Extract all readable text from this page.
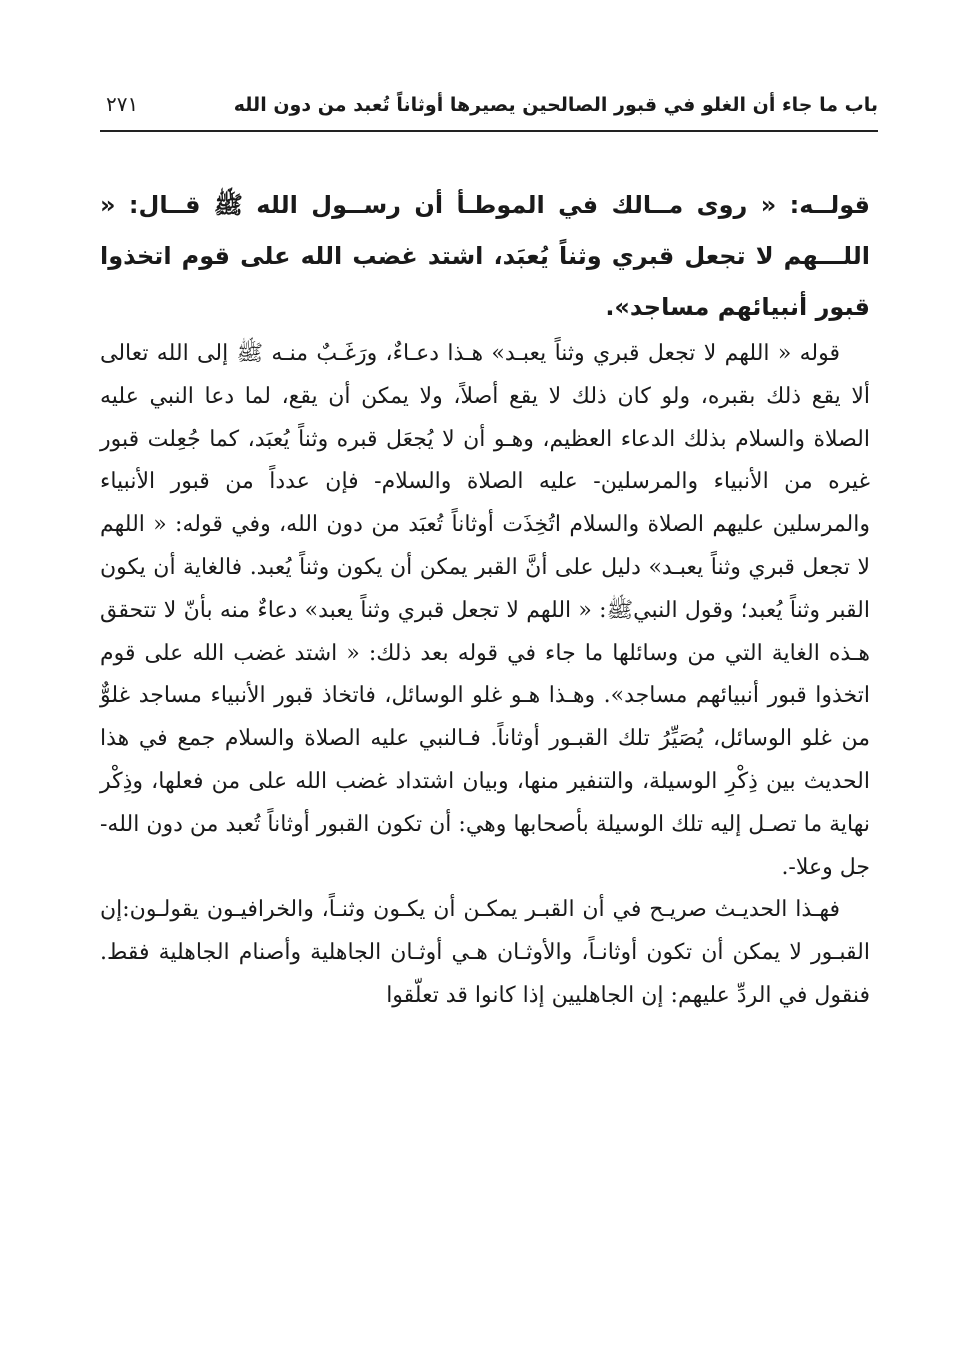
باب ما جاء أن الغلو في قبور الصالحين يصيرها أوثاناً تُعبد من دون الله
٢٧١

قولــه: « روى مــالك في الموطـأ أن رســول الله ﷺ قــال: « اللـــهم لا تجعل قبري وثناً يُعبَد، اشتد غضب الله على قوم اتخذوا قبور أنبيائهم مساجد».

قوله « اللهم لا تجعل قبري وثناً يعبـد» هـذا دعـاءٌ، ورَغَـبٌ منـه ﷺ إلى الله تعالى ألا يقع ذلك بقبره، ولو كان ذلك لا يقع أصلاً، ولا يمكن أن يقع، لما دعا النبي عليه الصلاة والسلام بذلك الدعاء العظيم، وهـو أن لا يُجعَل قبره وثناً يُعبَد، كما جُعِلت قبور غيره من الأنبياء والمرسلين- عليه الصلاة والسلام- فإن عدداً من قبور الأنبياء والمرسلين عليهم الصلاة والسلام اتُخِذَت أوثاناً تُعبَد من دون الله، وفي قوله: « اللهم لا تجعل قبري وثناً يعبـد» دليل على أنَّ القبر يمكن أن يكون وثناً يُعبد. فالغاية أن يكون القبر وثناً يُعبد؛ وقول النبيﷺ: « اللهم لا تجعل قبري وثناً يعبد» دعاءٌ منه بأنّ لا تتحقق هـذه الغاية التي من وسائلها ما جاء في قوله بعد ذلك: « اشتد غضب الله على قوم اتخذوا قبور أنبيائهم مساجد». وهـذا هـو غلو الوسائل، فاتخاذ قبور الأنبياء مساجد غلوٌّ من غلو الوسائل، يُصَيِّرُ تلك القبـور أوثاناً. فـالنبي عليه الصلاة والسلام جمع في هذا الحديث بين ذِكْرِ الوسيلة، والتنفير منها، وبيان اشتداد غضب الله على من فعلها، وذِكْر نهاية ما تصـل إليه تلك الوسيلة بأصحابها وهي: أن تكون القبور أوثاناً تُعبد من دون الله- جل وعلا-.

فهـذا الحديـث صريـح في أن القبـر يمكـن أن يكـون وثنـاً، والخرافيـون يقولـون:إن القبـور لا يمكن أن تكون أوثانـاً، والأوثـان هـي أوثـان الجاهلية وأصنام الجاهلية فقط. فنقول في الردِّ عليهم: إن الجاهليين إذا كانوا قد تعلّقوا
